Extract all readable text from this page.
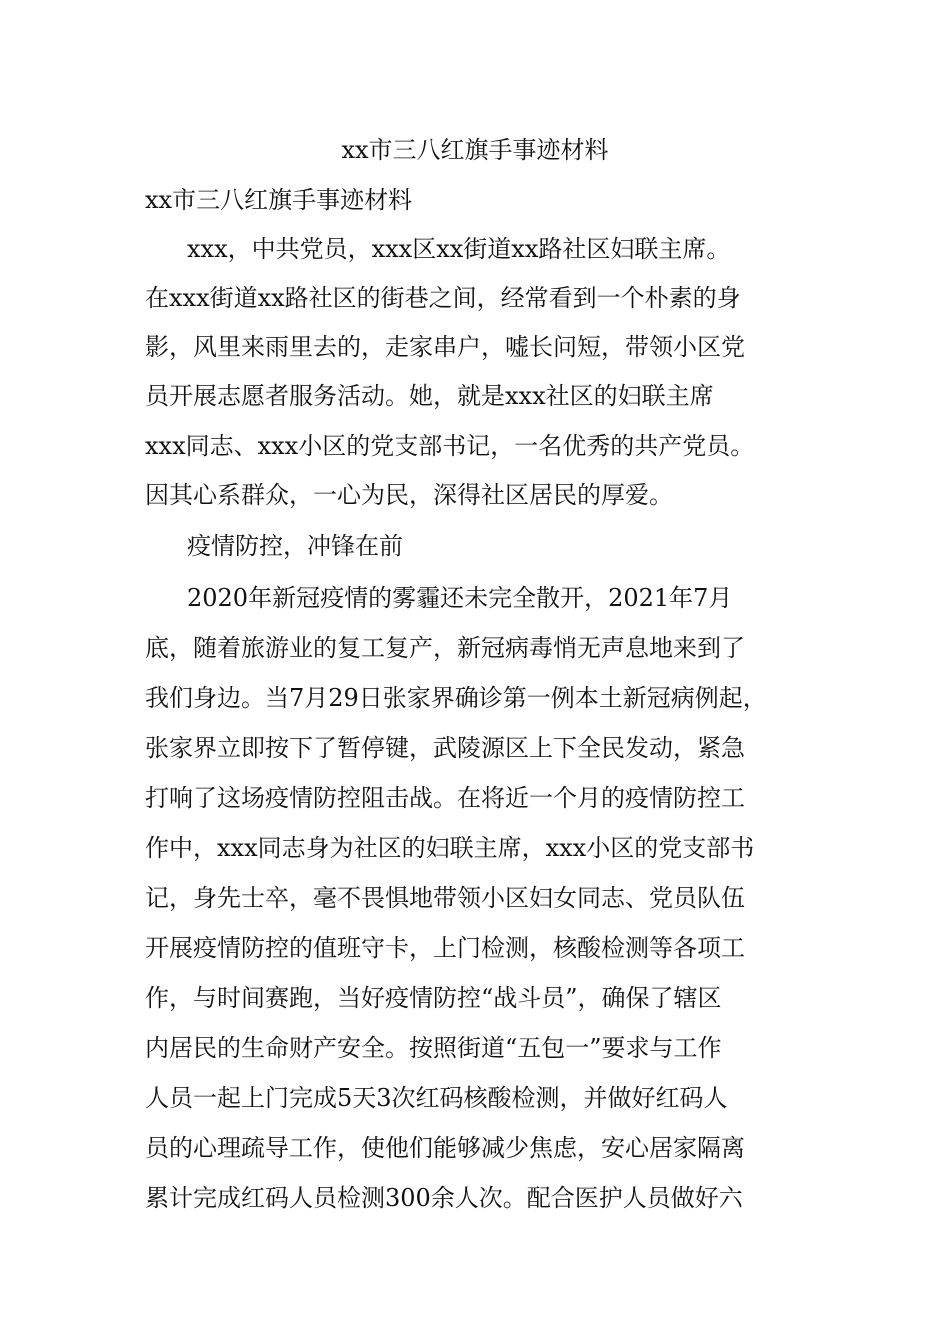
xx市三八红旗手事迹材料
xx市三八红旗手事迹材料
xxx，中共党员，xxx区xx街道xx路社区妇联主席。
在xxx街道xx路社区的街巷之间，经常看到一个朴素的身
影，风里来雨里去的，走家串户，嘘长问短，带领小区党
员开展志愿者服务活动。她，就是xxx社区的妇联主席
xxx同志、xxx小区的党支部书记，一名优秀的共产党员。
因其心系群众，一心为民，深得社区居民的厚爱。
疫情防控，冲锋在前
2020年新冠疫情的雾霾还未完全散开，2021年7月
底，随着旅游业的复工复产，新冠病毒悄无声息地来到了
我们身边。当7月29日张家界确诊第一例本土新冠病例起，
张家界立即按下了暂停键，武陵源区上下全民发动，紧急
打响了这场疫情防控阻击战。在将近一个月的疫情防控工
作中，xxx同志身为社区的妇联主席，xxx小区的党支部书
记，身先士卒，毫不畏惧地带领小区妇女同志、党员队伍
开展疫情防控的值班守卡，上门检测，核酸检测等各项工
作，与时间赛跑，当好疫情防控“战斗员”，确保了辖区
内居民的生命财产安全。按照街道“五包一”要求与工作
人员一起上门完成5天3次红码核酸检测，并做好红码人
员的心理疏导工作，使他们能够减少焦虑，安心居家隔离
累计完成红码人员检测300余人次。配合医护人员做好六
